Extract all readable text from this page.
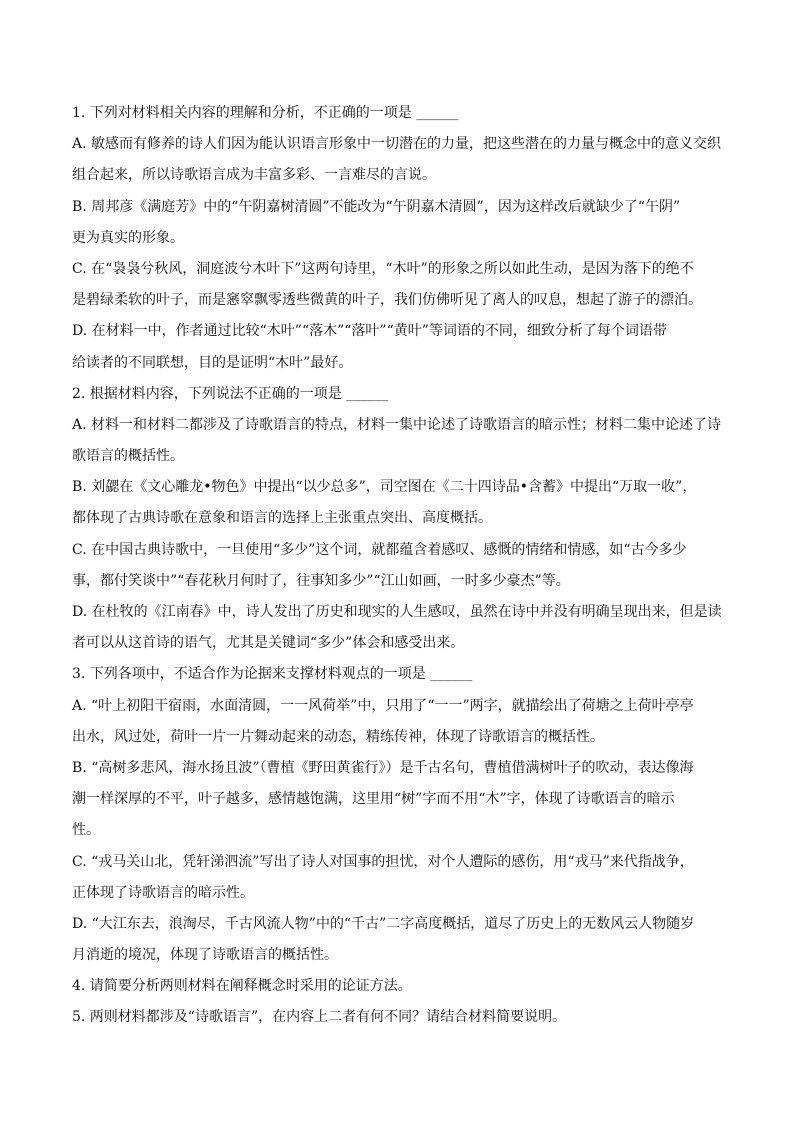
1. 下列对材料相关内容的理解和分析，不正确的一项是 ______
A. 敏感而有修养的诗人们因为能认识语言形象中一切潜在的力量，把这些潜在的力量与概念中的意义交织
组合起来，所以诗歌语言成为丰富多彩、一言难尽的言说。
B. 周邦彦《满庭芳》中的“午阴嘉树清圆”不能改为“午阴嘉木清圆”，因为这样改后就缺少了“午阴”
更为真实的形象。
C. 在“袅袅兮秋风，洞庭波兮木叶下”这两句诗里，“木叶”的形象之所以如此生动，是因为落下的绝不
是碧绿柔软的叶子，而是窸窣飘零透些微黄的叶子，我们仿佛听见了离人的叹息，想起了游子的漂泊。
D. 在材料一中，作者通过比较“木叶”“落木”“落叶”“黄叶”等词语的不同，细致分析了每个词语带
给读者的不同联想，目的是证明“木叶”最好。
2. 根据材料内容，下列说法不正确的一项是 ______
A. 材料一和材料二都涉及了诗歌语言的特点，材料一集中论述了诗歌语言的暗示性；材料二集中论述了诗
歌语言的概括性。
B. 刘勰在《文心雕龙•物色》中提出“以少总多”，司空图在《二十四诗品•含蓄》中提出“万取一收”，
都体现了古典诗歌在意象和语言的选择上主张重点突出、高度概括。
C. 在中国古典诗歌中，一旦使用“多少”这个词，就都蕴含着感叹、感慨的情绪和情感，如“古今多少
事，都付笑谈中”“春花秋月何时了，往事知多少”“江山如画，一时多少豪杰”等。
D. 在杜牧的《江南春》中，诗人发出了历史和现实的人生感叹，虽然在诗中并没有明确呈现出来，但是读
者可以从这首诗的语气，尤其是关键词“多少”体会和感受出来。
3. 下列各项中，不适合作为论据来支撑材料观点的一项是 ______
A. “叶上初阳干宿雨，水面清圆，一一风荷举”中，只用了“一一”两字，就描绘出了荷塘之上荷叶亭亭
出水，风过处，荷叶一片一片舞动起来的动态，精练传神，体现了诗歌语言的概括性。
B. “高树多悲风，海水扬且波”（曹植《野田黄雀行》）是千古名句，曹植借满树叶子的吹动，表达像海
潮一样深厚的不平，叶子越多，感情越饱满，这里用“树”字而不用“木”字，体现了诗歌语言的暗示
性。
C. “戎马关山北，凭轩涕泗流”写出了诗人对国事的担忧，对个人遭际的感伤，用“戎马”来代指战争，
正体现了诗歌语言的暗示性。
D. “大江东去，浪淘尽，千古风流人物”中的“千古”二字高度概括，道尽了历史上的无数风云人物随岁
月消逝的境况，体现了诗歌语言的概括性。
4. 请简要分析两则材料在阐释概念时采用的论证方法。
5. 两则材料都涉及“诗歌语言”，在内容上二者有何不同？请结合材料简要说明。
